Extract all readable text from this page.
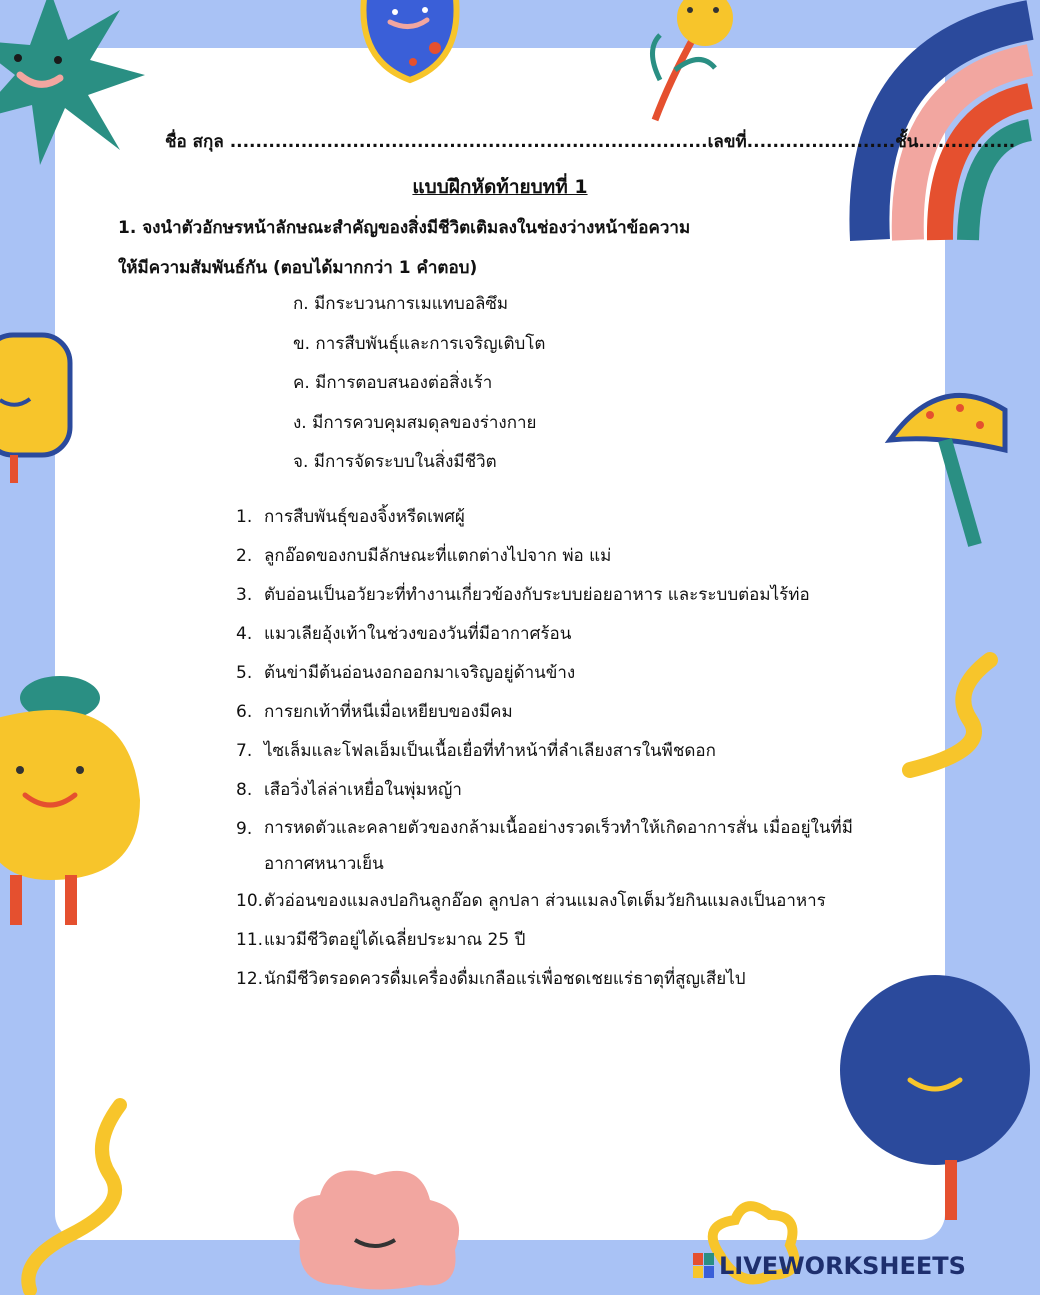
ชื่อ สกุล ..........................................................................เลขที่.......................ชั้น...............
แบบฝึกหัดท้ายบทที่ 1
1. จงนำตัวอักษรหน้าลักษณะสำคัญของสิ่งมีชีวิตเติมลงในช่องว่างหน้าข้อความ
ให้มีความสัมพันธ์กัน (ตอบได้มากกว่า 1 คำตอบ)
ก. มีกระบวนการเมแทบอลิซึม
ข. การสืบพันธุ์และการเจริญเติบโต
ค. มีการตอบสนองต่อสิ่งเร้า
ง. มีการควบคุมสมดุลของร่างกาย
จ. มีการจัดระบบในสิ่งมีชีวิต
1. การสืบพันธุ์ของจิ้งหรีดเพศผู้
2. ลูกอ๊อดของกบมีลักษณะที่แตกต่างไปจาก พ่อ แม่
3. ตับอ่อนเป็นอวัยวะที่ทำงานเกี่ยวข้องกับระบบย่อยอาหาร และระบบต่อมไร้ท่อ
4. แมวเลียอุ้งเท้าในช่วงของวันที่มีอากาศร้อน
5. ต้นข่ามีต้นอ่อนงอกออกมาเจริญอยู่ด้านข้าง
6. การยกเท้าที่หนีเมื่อเหยียบของมีคม
7. ไซเล็มและโฟลเอ็มเป็นเนื้อเยื่อที่ทำหน้าที่ลำเลียงสารในพืชดอก
8. เสือวิ่งไล่ล่าเหยื่อในพุ่มหญ้า
9. การหดตัวและคลายตัวของกล้ามเนื้ออย่างรวดเร็วทำให้เกิดอาการสั่น เมื่ออยู่ในที่มีอากาศหนาวเย็น
10. ตัวอ่อนของแมลงปอกินลูกอ๊อด ลูกปลา ส่วนแมลงโตเต็มวัยกินแมลงเป็นอาหาร
11. แมวมีชีวิตอยู่ได้เฉลี่ยประมาณ 25 ปี
12. นักมีชีวิตรอดควรดื่มเครื่องดื่มเกลือแร่เพื่อชดเชยแร่ธาตุที่สูญเสียไป
LIVEWORKSHEETS
